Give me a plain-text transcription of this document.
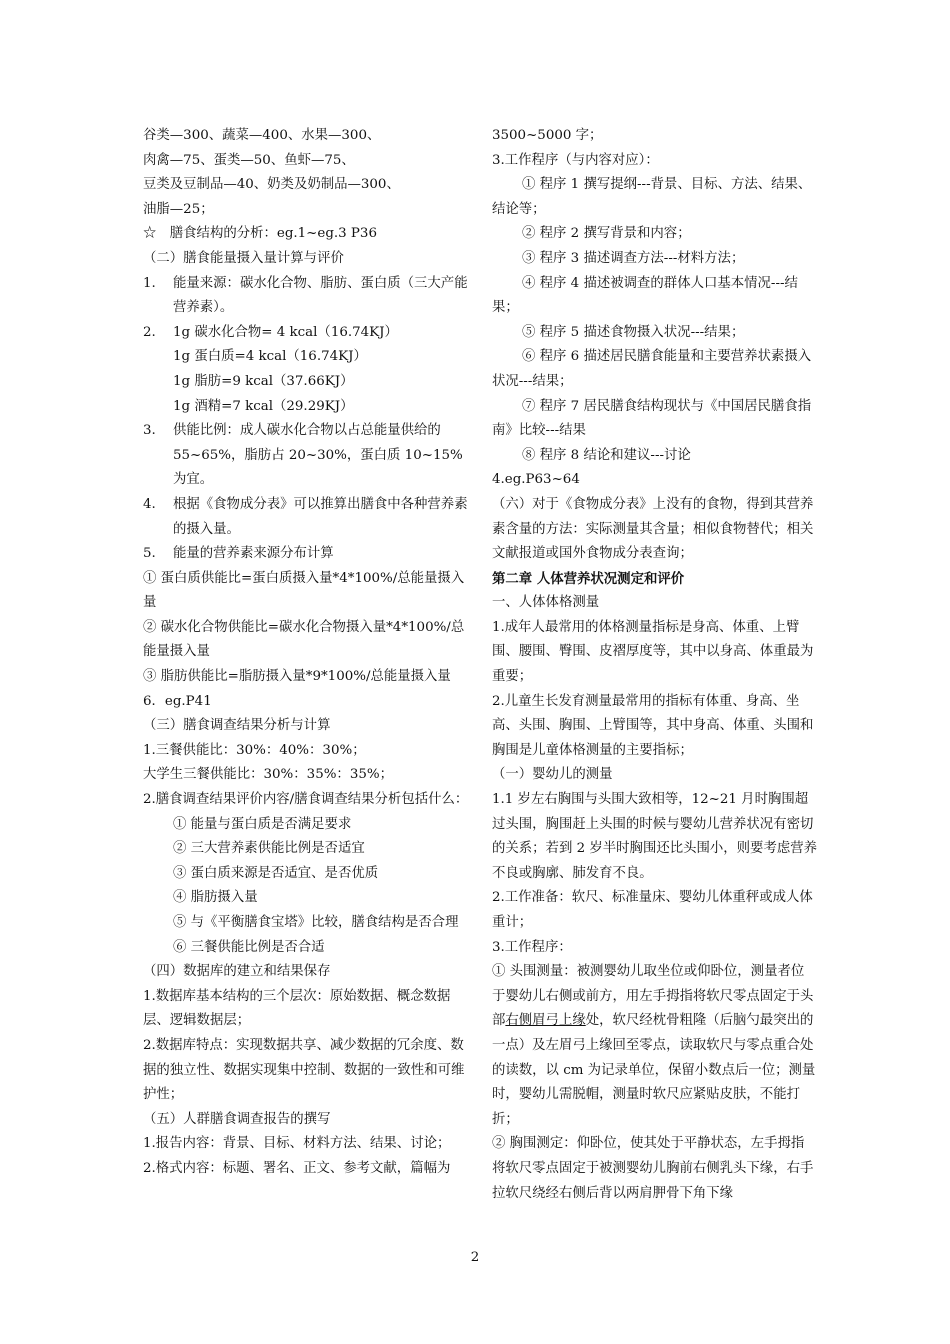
谷类—300、蔬菜—400、水果—300、
肉禽—75、蛋类—50、鱼虾—75、
豆类及豆制品—40、奶类及奶制品—300、
油脂—25；
☆　膳食结构的分析：eg.1~eg.3 P36
（二）膳食能量摄入量计算与评价
1. 能量来源：碳水化合物、脂肪、蛋白质（三大产能营养素）。
2. 1g 碳水化合物= 4 kcal（16.74KJ）
1g 蛋白质=4 kcal（16.74KJ）
1g 脂肪=9 kcal（37.66KJ）
1g 酒精=7 kcal（29.29KJ）
3. 供能比例：成人碳水化合物以占总能量供给的55~65%，脂肪占 20~30%，蛋白质 10~15%为宜。
4. 根据《食物成分表》可以推算出膳食中各种营养素的摄入量。
5. 能量的营养素来源分布计算
① 蛋白质供能比=蛋白质摄入量*4*100%/总能量摄入量
② 碳水化合物供能比=碳水化合物摄入量*4*100%/总能量摄入量
③ 脂肪供能比=脂肪摄入量*9*100%/总能量摄入量
6．eg.P41
（三）膳食调查结果分析与计算
1.三餐供能比：30%：40%：30%；
大学生三餐供能比：30%：35%：35%；
2.膳食调查结果评价内容/膳食调查结果分析包括什么：
① 能量与蛋白质是否满足要求
② 三大营养素供能比例是否适宜
③ 蛋白质来源是否适宜、是否优质
④ 脂肪摄入量
⑤ 与《平衡膳食宝塔》比较，膳食结构是否合理
⑥ 三餐供能比例是否合适
（四）数据库的建立和结果保存
1.数据库基本结构的三个层次：原始数据、概念数据层、逻辑数据层；
2.数据库特点：实现数据共享、减少数据的冗余度、数据的独立性、数据实现集中控制、数据的一致性和可维护性；
（五）人群膳食调查报告的撰写
1.报告内容：背景、目标、材料方法、结果、讨论；
2.格式内容：标题、署名、正文、参考文献，篇幅为
3500~5000 字；
3.工作程序（与内容对应）：
① 程序 1 撰写提纲---背景、目标、方法、结果、结论等；
② 程序 2 撰写背景和内容；
③ 程序 3 描述调查方法---材料方法；
④ 程序 4 描述被调查的群体人口基本情况---结果；
⑤ 程序 5 描述食物摄入状况---结果；
⑥ 程序 6 描述居民膳食能量和主要营养状素摄入状况---结果；
⑦ 程序 7 居民膳食结构现状与《中国居民膳食指南》比较---结果
⑧ 程序 8 结论和建议---讨论
4.eg.P63~64
（六）对于《食物成分表》上没有的食物，得到其营养素含量的方法：实际测量其含量；相似食物替代；相关文献报道或国外食物成分表查询；
第二章 人体营养状况测定和评价
一、人体体格测量
1.成年人最常用的体格测量指标是身高、体重、上臂围、腰围、臀围、皮褶厚度等，其中以身高、体重最为重要；
2.儿童生长发育测量最常用的指标有体重、身高、坐高、头围、胸围、上臂围等，其中身高、体重、头围和胸围是儿童体格测量的主要指标；
（一）婴幼儿的测量
1.1 岁左右胸围与头围大致相等，12~21 月时胸围超过头围，胸围赶上头围的时候与婴幼儿营养状况有密切的关系；若到 2 岁半时胸围还比头围小，则要考虑营养不良或胸廓、肺发育不良。
2.工作准备：软尺、标准量床、婴幼儿体重秤或成人体重计；
3.工作程序：
① 头围测量：被测婴幼儿取坐位或仰卧位，测量者位于婴幼儿右侧或前方，用左手拇指将软尺零点固定于头部右侧眉弓上缘处，软尺经枕骨粗隆（后脑勺最突出的一点）及左眉弓上缘回至零点，读取软尺与零点重合处的读数，以 cm 为记录单位，保留小数点后一位；测量时，婴幼儿需脱帽，测量时软尺应紧贴皮肤，不能打折；
② 胸围测定：仰卧位，使其处于平静状态，左手拇指将软尺零点固定于被测婴幼儿胸前右侧乳头下缘，右手拉软尺绕经右侧后背以两肩胛骨下角下缘
2
